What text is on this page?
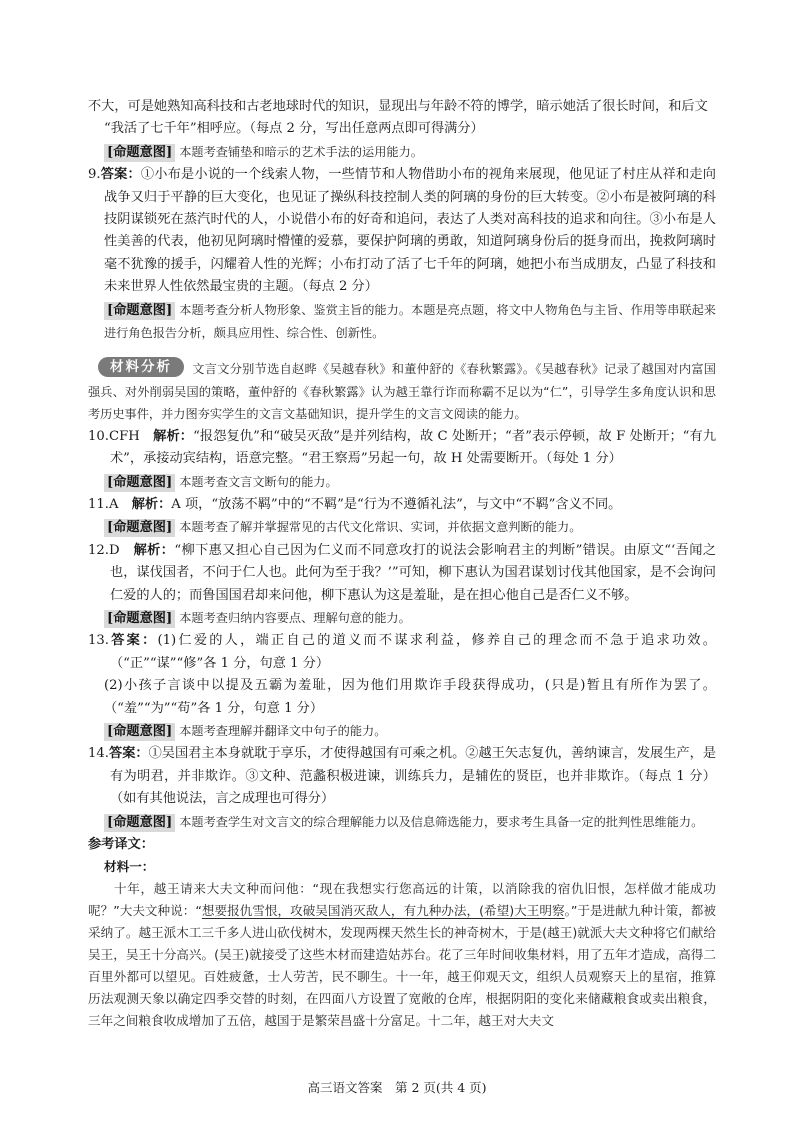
不大，可是她熟知高科技和古老地球时代的知识，显现出与年龄不符的博学，暗示她活了很长时间，和后文

“我活了七千年”相呼应。（每点 2 分，写出任意两点即可得满分）

[命题意图] 本题考查铺垫和暗示的艺术手法的运用能力。

9.答案：①小布是小说的一个线索人物，一些情节和人物借助小布的视角来展现，他见证了村庄从祥和走向战争又归于平静的巨大变化，也见证了操纵科技控制人类的阿璃的身份的巨大转变。②小布是被阿璃的科技阴谋锁死在蒸汽时代的人，小说借小布的好奇和追问，表达了人类对高科技的追求和向往。③小布是人性美善的代表，他初见阿璃时懵懂的爱慕，要保护阿璃的勇敢，知道阿璃身份后的挺身而出，挽救阿璃时毫不犹豫的援手，闪耀着人性的光辉；小布打动了活了七千年的阿璃，她把小布当成朋友，凸显了科技和未来世界人性依然最宝贵的主题。（每点 2 分）

[命题意图] 本题考查分析人物形象、鉴赏主旨的能力。本题是亮点题，将文中人物角色与主旨、作用等串联起来进行角色报告分析，颇具应用性、综合性、创新性。

材料分析	文言文分别节选自赵晔《吴越春秋》和董仲舒的《春秋繁露》。《吴越春秋》记录了越国对内富国强兵、对外削弱吴国的策略，董仲舒的《春秋繁露》认为越王靠行诈而称霸不足以为“仁”，引导学生多角度认识和思考历史事件，并力图夯实学生的文言文基础知识，提升学生的文言文阅读的能力。

10.CFH　 解析：“报怨复仇”和“破吴灭敌”是并列结构，故 C 处断开；“者”表示停顿，故 F 处断开；“有九术”，承接动宾结构，语意完整。“君王察焉”另起一句，故 H 处需要断开。（每处 1 分）

[命题意图] 本题考查文言文断句的能力。

11.A　 解析：A 项，“放荡不羁”中的“不羁”是“行为不遵循礼法”，与文中“不羁”含义不同。

[命题意图] 本题考查了解并掌握常见的古代文化常识、实词，并依据文意判断的能力。

12.D　 解析：“柳下惠又担心自己因为仁义而不同意攻打的说法会影响君主的判断”错误。由原文“‘吾闻之也，谋伐国者，不问于仁人也。此何为至于我？’”可知，柳下惠认为国君谋划讨伐其他国家，是不会询问仁爱的人的；而鲁国国君却来问他，柳下惠认为这是羞耻，是在担心他自己是否仁义不够。

[命题意图] 本题考查归纳内容要点、理解句意的能力。

13.答案：(1)仁爱的人，端正自己的道义而不谋求利益，修养自己的理念而不急于追求功效。（“正”“谋”“修”各 1 分，句意 1 分）

(2)小孩子言谈中以提及五霸为羞耻，因为他们用欺诈手段获得成功，(只是)暂且有所作为罢了。（“羞”“为”“苟”各 1 分，句意 1 分）

[命题意图] 本题考查理解并翻译文中句子的能力。

14.答案：①吴国君主本身就耽于享乐，才使得越国有可乘之机。②越王矢志复仇，善纳谏言，发展生产，是有为明君，并非欺诈。③文种、范蠡积极进谏，训练兵力，是辅佐的贤臣，也并非欺诈。（每点 1 分）（如有其他说法，言之成理也可得分）

[命题意图] 本题考查学生对文言文的综合理解能力以及信息筛选能力，要求考生具备一定的批判性思维能力。

参考译文：

材料一：

十年，越王请来大夫文种而问他：“现在我想实行您高远的计策，以消除我的宿仇旧恨，怎样做才能成功呢？”大夫文种说：“想要报仇雪恨，攻破吴国消灭敌人，有九种办法，(希望)大王明察。”于是进献九种计策，都被采纳了。越王派木工三千多人进山砍伐树木，发现两棵天然生长的神奇树木，于是(越王)就派大夫文种将它们献给吴王，吴王十分高兴。(吴王)就接受了这些木材而建造姑苏台。花了三年时间收集材料，用了五年才造成，高得二百里外都可以望见。百姓疲惫，士人劳苦，民不聊生。十一年，越王仰观天文，组织人员观察天上的星宿，推算历法观测天象以确定四季交替的时刻，在四面八方设置了宽敞的仓库，根据阴阳的变化来储藏粮食或卖出粮食，三年之间粮食收成增加了五倍，越国于是繁荣昌盛十分富足。十二年，越王对大夫文

高三语文答案　第 2 页(共 4 页)
